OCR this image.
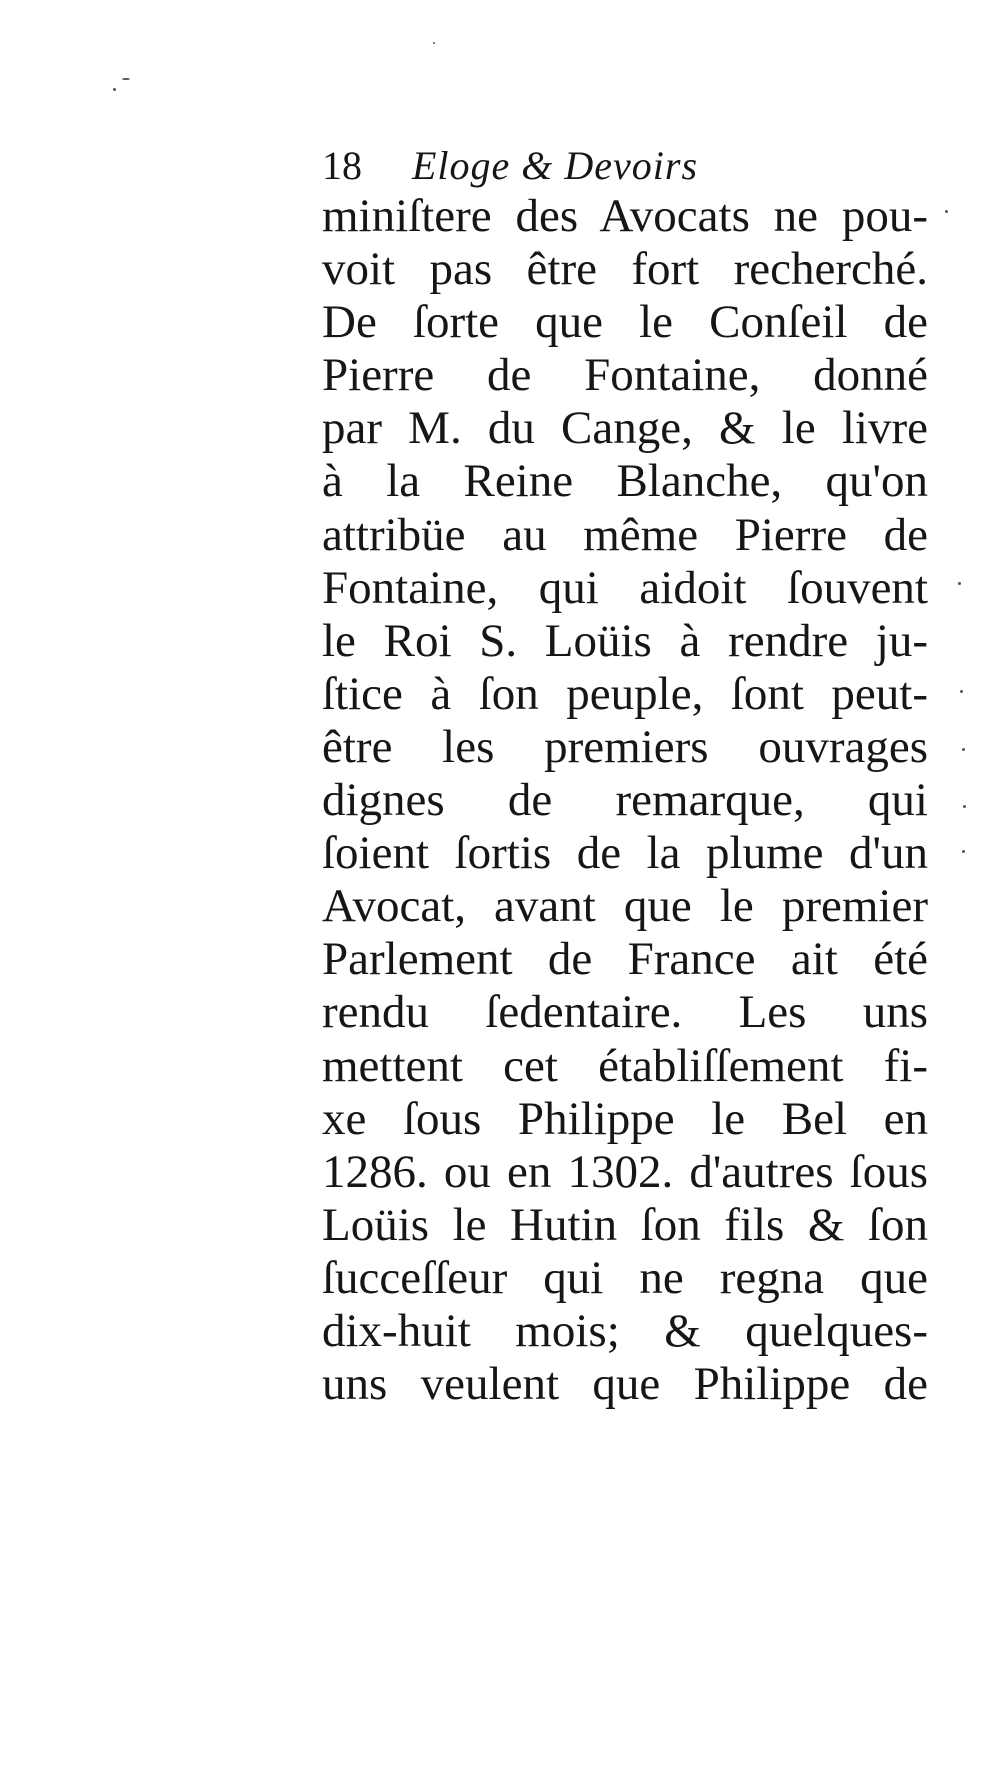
18 Eloge & Devoirs
miniſtere des Avocats ne pou-
voit pas être fort recherché.
De ſorte que le Conſeil de
Pierre de Fontaine, donné
par M. du Cange, & le livre
à la Reine Blanche, qu'on
attribüe au même Pierre de
Fontaine, qui aidoit ſouvent
le Roi S. Loüis à rendre ju-
ſtice à ſon peuple, ſont peut-
être les premiers ouvrages
dignes de remarque, qui
ſoient ſortis de la plume d'un
Avocat, avant que le premier
Parlement de France ait été
rendu ſedentaire. Les uns
mettent cet établiſſement fi-
xe ſous Philippe le Bel en
1286. ou en 1302. d'autres ſous
Loüis le Hutin ſon fils & ſon
ſucceſſeur qui ne regna que
dix-huit mois; & quelques-
uns veulent que Philippe de
